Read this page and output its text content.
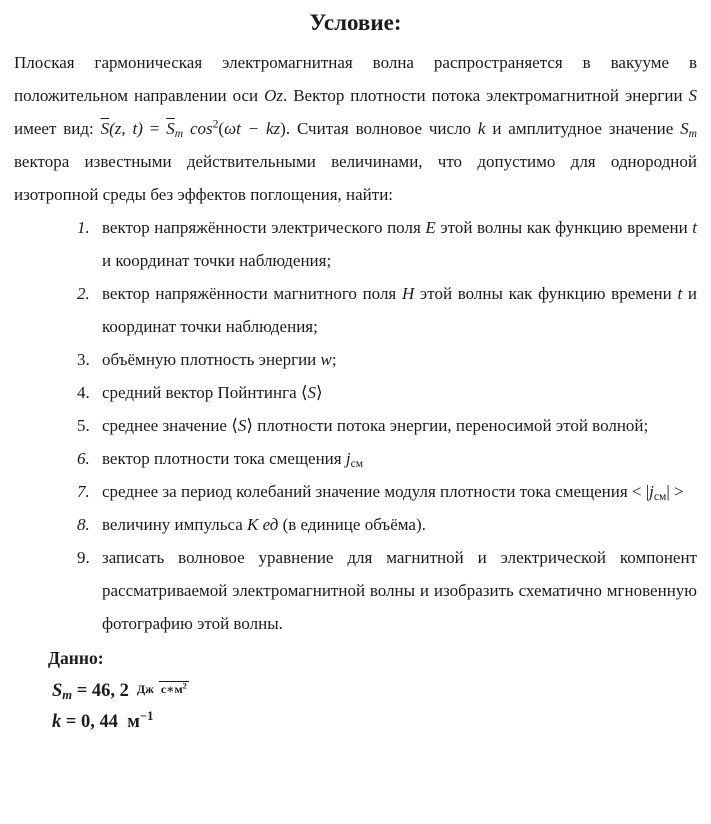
Условие:
Плоская гармоническая электромагнитная волна распространяется в вакууме в положительном направлении оси Oz. Вектор плотности потока электромагнитной энергии S имеет вид: $\overline{S}(z$, $t) = \overline{S}_m$ $\cos^2(\omega t - kz)$. Считая волновое число k и амплитудное значение $S_m$ вектора известными действительными величинами, что допустимо для однородной изотропной среды без эффектов поглощения, найти:
1. вектор напряжённости электрического поля E этой волны как функцию времени t и координат точки наблюдения;
2. вектор напряжённости магнитного поля H этой волны как функцию времени t и координат точки наблюдения;
3. объёмную плотность энергии w;
4. средний вектор Пойнтинга ⟨S⟩
5. среднее значение ⟨S⟩ плотности потока энергии, переносимой этой волной;
6. вектор плотности тока смещения $j_{см}$
7. среднее за период колебаний значение модуля плотности тока смещения < $|j_{см}|$ >
8. величину импульса K ед (в единице объёма).
9. записать волновое уравнение для магнитной и электрической компонент рассматриваемой электромагнитной волны и изобразить схематично мгновенную фотографию этой волны.
Данно:
$S_m = 46$, 2 Дж $с∗м^2$
k = 0, 44  $м^{-1}$
